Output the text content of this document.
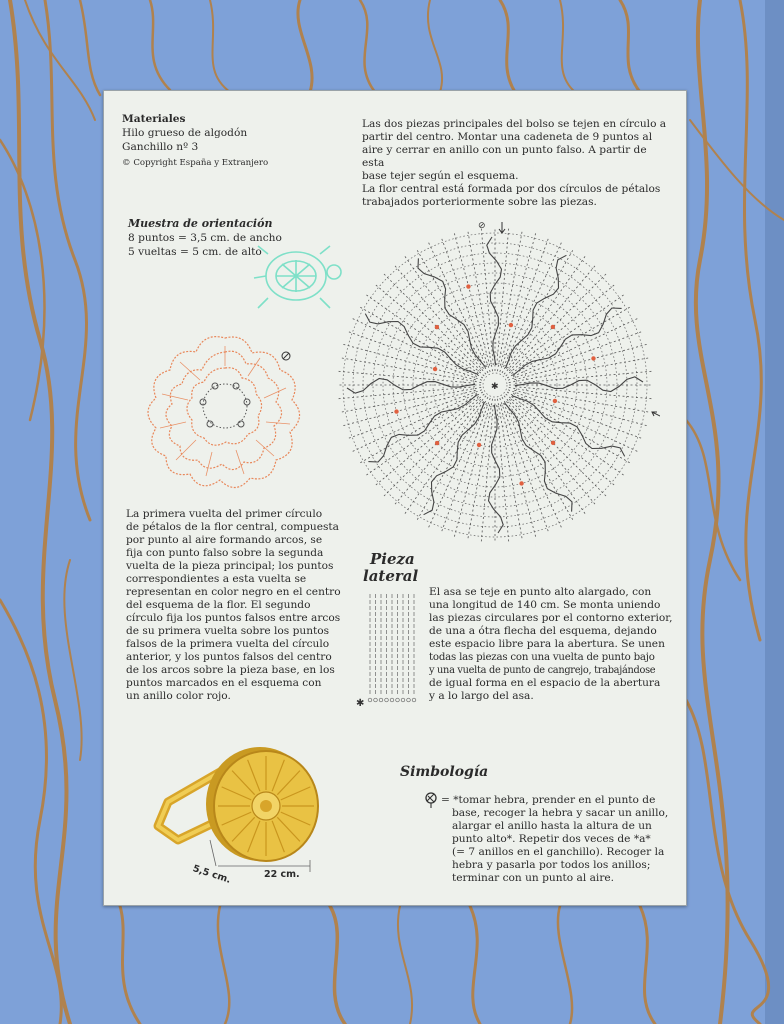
Materiales
Hilo grueso de algodón
Ganchillo nº 3
© Copyright España y Extranjero
Las dos piezas principales del bolso se tejen en círculo a
partir del centro. Montar una cadeneta de 9 puntos al
aire y cerrar en anillo con un punto falso. A partir de esta
base tejer según el esquema.
La flor central está formada por dos círculos de pétalos
trabajados porteriormente sobre las piezas.
Muestra de orientación
8 puntos = 3,5 cm. de ancho
5 vueltas = 5 cm. de alto
⊘
✱
La primera vuelta del primer círculo
de pétalos de la flor central, compuesta
por punto al aire formando arcos, se
fija con punto falso sobre la segunda
vuelta de la pieza principal; los puntos
correspondientes a esta vuelta se
representan en color negro en el centro
del esquema de la flor. El segundo
círculo fija los puntos falsos entre arcos
de su primera vuelta sobre los puntos
falsos de la primera vuelta del círculo
anterior, y los puntos falsos del centro
de los arcos sobre la pieza base, en los
puntos marcados en el esquema con
un anillo color rojo.
Pieza
lateral
✱
El asa se teje en punto alto alargado, con
una longitud de 140 cm. Se monta uniendo
las piezas circulares por el contorno exterior,
de una a ótra flecha del esquema, dejando
este espacio libre para la abertura. Se unen
todas las piezas con una vuelta de punto bajo
y una vuelta de punto de cangrejo, trabajándose
de igual forma en el espacio de la abertura
y a lo largo del asa.
5,5 cm.	22 cm.
Simbología
= *tomar hebra, prender en el punto de
base, recoger la hebra y sacar un anillo,
alargar el anillo hasta la altura de un
punto alto*. Repetir dos veces de *a*
(= 7 anillos en el ganchillo). Recoger la
hebra y pasarla por todos los anillos;
terminar con un punto al aire.
